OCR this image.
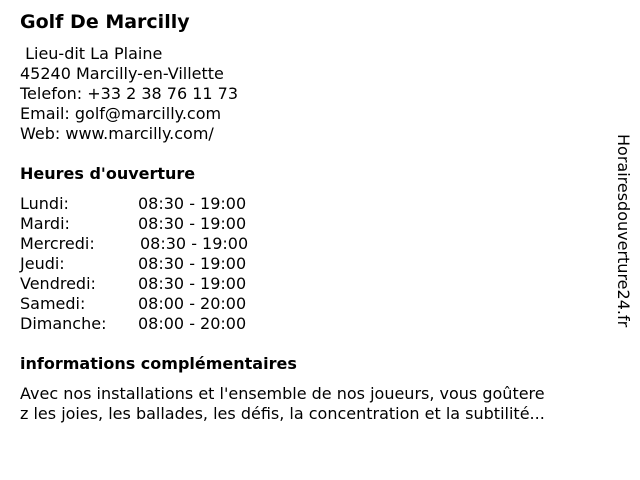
Golf De Marcilly
Lieu-dit La Plaine
45240 Marcilly-en-Villette
Telefon: +33 2 38 76 11 73
Email: golf@marcilly.com
Web: www.marcilly.com/
Heures d'ouverture
Lundi:	08:30 - 19:00
Mardi:	08:30 - 19:00
Mercredi:	08:30 - 19:00
Jeudi:	08:30 - 19:00
Vendredi:	08:30 - 19:00
Samedi:	08:00 - 20:00
Dimanche: 08:00 - 20:00
informations complémentaires
Avec nos installations et l'ensemble de nos joueurs, vous goûtere
z les joies, les ballades, les défis, la concentration et la subtilité...
Horairesdouverture24.fr
